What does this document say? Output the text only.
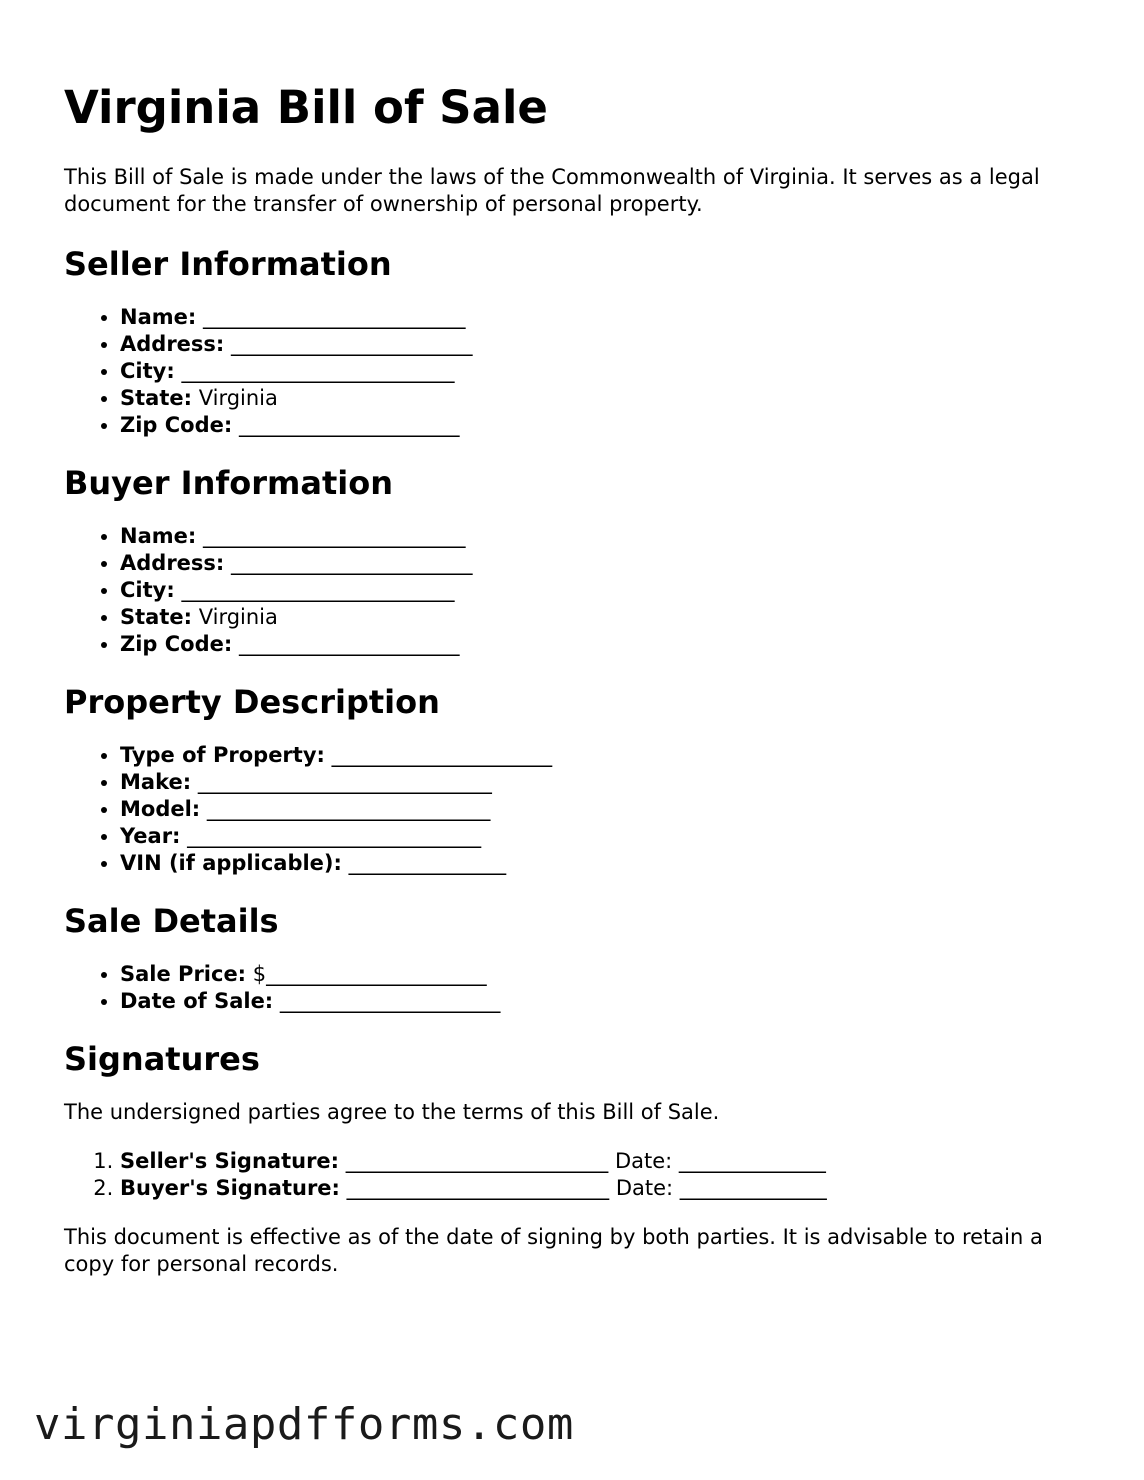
Virginia Bill of Sale

This Bill of Sale is made under the laws of the Commonwealth of Virginia. It serves as a legal document for the transfer of ownership of personal property.

Seller Information
• Name: _________________________
• Address: _______________________
• City: __________________________
• State: Virginia
• Zip Code: _____________________
Buyer Information
• Name: _________________________
• Address: _______________________
• City: __________________________
• State: Virginia
• Zip Code: _____________________
Property Description
• Type of Property: _____________________
• Make: ____________________________
• Model: ___________________________
• Year: ____________________________
• VIN (if applicable): _______________
Sale Details
• Sale Price: $_____________________
• Date of Sale: _____________________
Signatures

The undersigned parties agree to the terms of this Bill of Sale.

1. Seller's Signature: _________________________ Date: ______________
2. Buyer's Signature: _________________________ Date: ______________

This document is effective as of the date of signing by both parties. It is advisable to retain a copy for personal records.

virginiapdfforms.com
